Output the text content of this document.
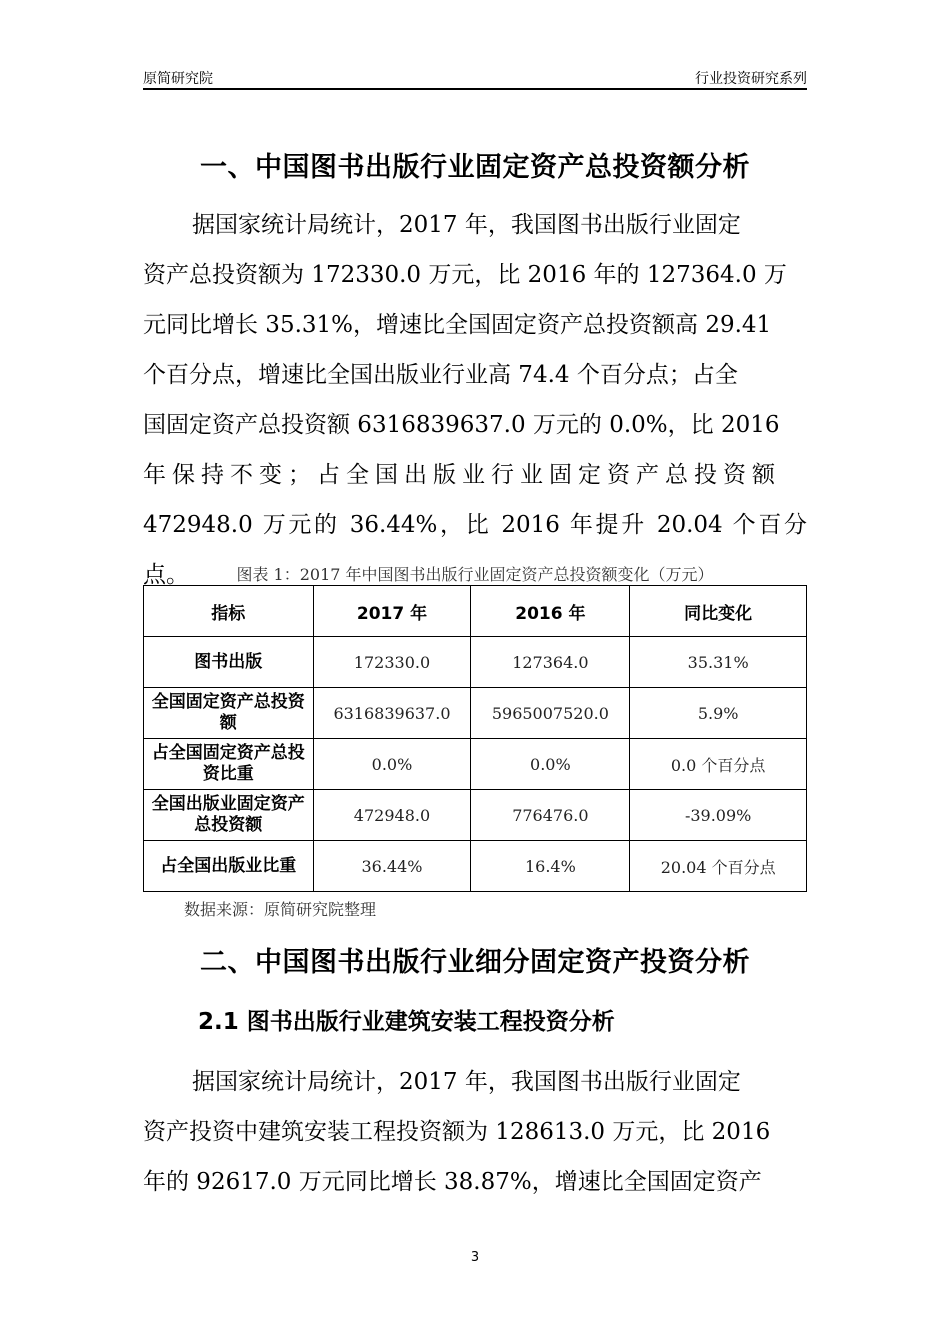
原简研究院	行业投资研究系列
一、中国图书出版行业固定资产总投资额分析
据国家统计局统计，2017 年，我国图书出版行业固定
资产总投资额为 172330.0 万元，比 2016 年的 127364.0 万
元同比增长 35.31%，增速比全国固定资产总投资额高 29.41
个百分点，增速比全国出版业行业高 74.4 个百分点；占全
国固定资产总投资额 6316839637.0 万元的 0.0%，比 2016
年保持不变；占全国出版业行业固定资产总投资额
472948.0 万元的 36.44%，比 2016 年提升 20.04 个百分点。	图表 1：2017 年中国图书出版行业固定资产总投资额变化（万元）
指标	2017 年	2016 年	同比变化
图书出版	172330.0	127364.0	35.31%
全国固定资产总投资额	6316839637.0	5965007520.0	5.9%
占全国固定资产总投资比重	0.0%	0.0%	0.0 个百分点
全国出版业固定资产总投资额	472948.0	776476.0	-39.09%
占全国出版业比重	36.44%	16.4%	20.04 个百分点
数据来源：原简研究院整理
二、中国图书出版行业细分固定资产投资分析
2.1 图书出版行业建筑安装工程投资分析
据国家统计局统计，2017 年，我国图书出版行业固定
资产投资中建筑安装工程投资额为 128613.0 万元，比 2016
年的 92617.0 万元同比增长 38.87%，增速比全国固定资产
3
